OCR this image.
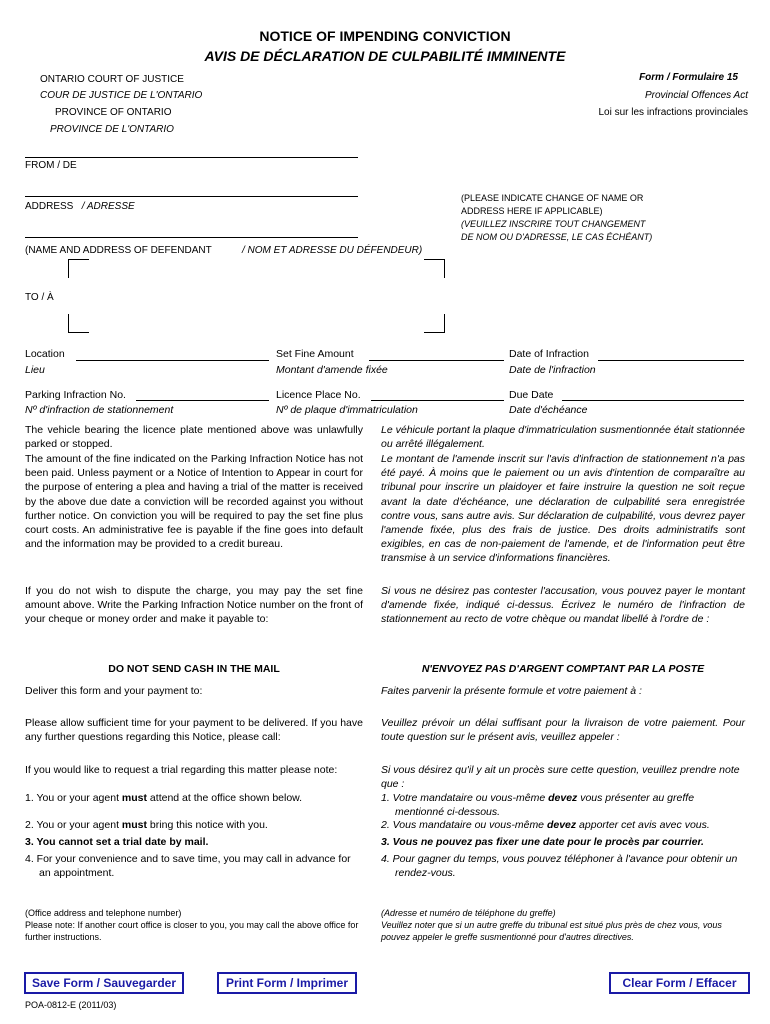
NOTICE OF IMPENDING CONVICTION
AVIS DE DÉCLARATION DE CULPABILITÉ IMMINENTE
ONTARIO COURT OF JUSTICE
COUR DE JUSTICE DE L'ONTARIO
PROVINCE OF ONTARIO
PROVINCE DE L'ONTARIO
Form / Formulaire 15
Provincial Offences Act
Loi sur les infractions provinciales
FROM / DE
ADDRESS / ADRESSE
(PLEASE INDICATE CHANGE OF NAME OR
ADDRESS HERE IF APPLICABLE)
(VEUILLEZ INSCRIRE TOUT CHANGEMENT
DE NOM OU D'ADRESSE, LE CAS ÉCHÉANT)
(NAME AND ADDRESS OF DEFENDANT	/ NOM ET ADRESSE DU DÉFENDEUR)
TO / À
Location
Lieu
Set Fine Amount
Montant d'amende fixée
Date of Infraction
Date de l'infraction
Parking Infraction No.
Nº d'infraction de stationnement
Licence Place No.
Nº de plaque d'immatriculation
Due Date
Date d'échéance
The vehicle bearing the licence plate mentioned above was unlawfully parked or stopped.
The amount of the fine indicated on the Parking Infraction Notice has not been paid. Unless payment or a Notice of Intention to Appear in court for the purpose of entering a plea and having a trial of the matter is received by the above due date a conviction will be recorded against you without further notice. On conviction you will be required to pay the set fine plus court costs. An administrative fee is payable if the fine goes into default and the information may be provided to a credit bureau.
If you do not wish to dispute the charge, you may pay the set fine amount above. Write the Parking Infraction Notice number on the front of your cheque or money order and make it payable to:
DO NOT SEND CASH IN THE MAIL
Deliver this form and your payment to:
Please allow sufficient time for your payment to be delivered. If you have any further questions regarding this Notice, please call:
If you would like to request a trial regarding this matter please note:
1. You or your agent must attend at the office shown below.
2. You or your agent must bring this notice with you.
3. You cannot set a trial date by mail.
4. For your convenience and to save time, you may call in advance for an appointment.
(Office address and telephone number)
Please note: If another court office is closer to you, you may call the above office for further instructions.
Le véhicule portant la plaque d'immatriculation susmentionnée était stationnée ou arrêté illégalement.
Le montant de l'amende inscrit sur l'avis d'infraction de stationnement n'a pas été payé. À moins que le paiement ou un avis d'intention de comparaître au tribunal pour inscrire un plaidoyer et faire instruire la question ne soit reçue avant la date d'échéance, une déclaration de culpabilité sera enregistrée contre vous, sans autre avis. Sur déclaration de culpabilité, vous devrez payer l'amende fixée, plus des frais de justice. Des droits administratifs sont exigibles, en cas de non-paiement de l'amende, et de l'information peut être transmise à un service d'informations financières.
Si vous ne désirez pas contester l'accusation, vous pouvez payer le montant d'amende fixée, indiqué ci-dessus. Écrivez le numéro de l'infraction de stationnement au recto de votre chèque ou mandat libellé à l'ordre de :
N'ENVOYEZ PAS D'ARGENT COMPTANT PAR LA POSTE
Faites parvenir la présente formule et votre paiement à :
Veuillez prévoir un délai suffisant pour la livraison de votre paiement. Pour toute question sur le présent avis, veuillez appeler :
Si vous désirez qu'il y ait un procès sure cette question, veuillez prendre note que :
1. Votre mandataire ou vous-même devez vous présenter au greffe mentionné ci-dessous.
2. Vous mandataire ou vous-même devez apporter cet avis avec vous.
3. Vous ne pouvez pas fixer une date pour le procès par courrier.
4. Pour gagner du temps, vous pouvez téléphoner à l'avance pour obtenir un rendez-vous.
(Adresse et numéro de téléphone du greffe)
Veuillez noter que si un autre greffe du tribunal est situé plus près de chez vous, vous pouvez appeler le greffe susmentionné pour d'autres directives.
Save Form / Sauvegarder	Print Form / Imprimer	Clear Form / Effacer
POA-0812-E (2011/03)
